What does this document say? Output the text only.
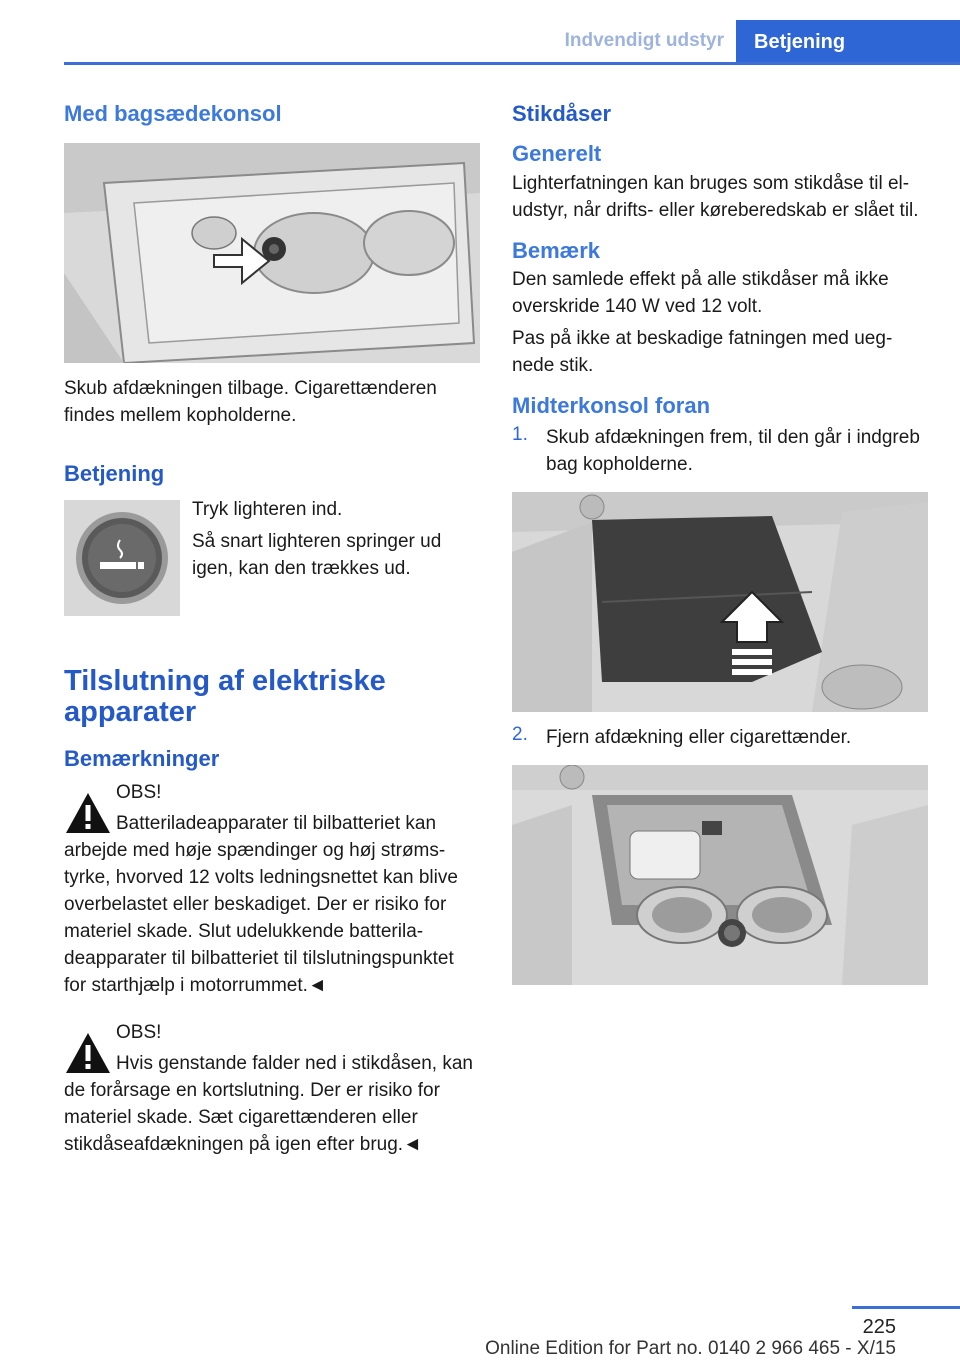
Indvendigt udstyr	Betjening
Med bagsædekonsol

Skub afdækningen tilbage. Cigarettænderen findes mellem kopholderne.

Betjening

Tryk lighteren ind.

Så snart lighteren springer ud igen, kan den trækkes ud.

Tilslutning af elektriske apparater
Bemærkninger

OBS!

Batteriladeapparater til bilbatteriet kan arbejde med høje spændinger og høj strømstyrke, hvorved 12 volts ledningsnettet kan blive overbelastet eller beskadiget. Der er risiko for materiel skade. Slut udelukkende batteriladeapparater til bilbatteriet til tilslutningspunktet for starthjælp i motorrummet.◄

OBS!

Hvis genstande falder ned i stikdåsen, kan de forårsage en kortslutning. Der er risiko for materiel skade. Sæt cigarettænderen eller stikdåseafdækningen på igen efter brug.◄

Stikdåser
Generelt

Lighterfatningen kan bruges som stikdåse til el-udstyr, når drifts- eller køreberedskab er slået til.

Bemærk

Den samlede effekt på alle stikdåser må ikke overskride 140 W ved 12 volt.

Pas på ikke at beskadige fatningen med uegnede stik.

Midterkonsol foran
1. Skub afdækningen frem, til den går i indgreb bag kopholderne.

2. Fjern afdækning eller cigarettænder.

225
Online Edition for Part no. 0140 2 966 465 - X/15
